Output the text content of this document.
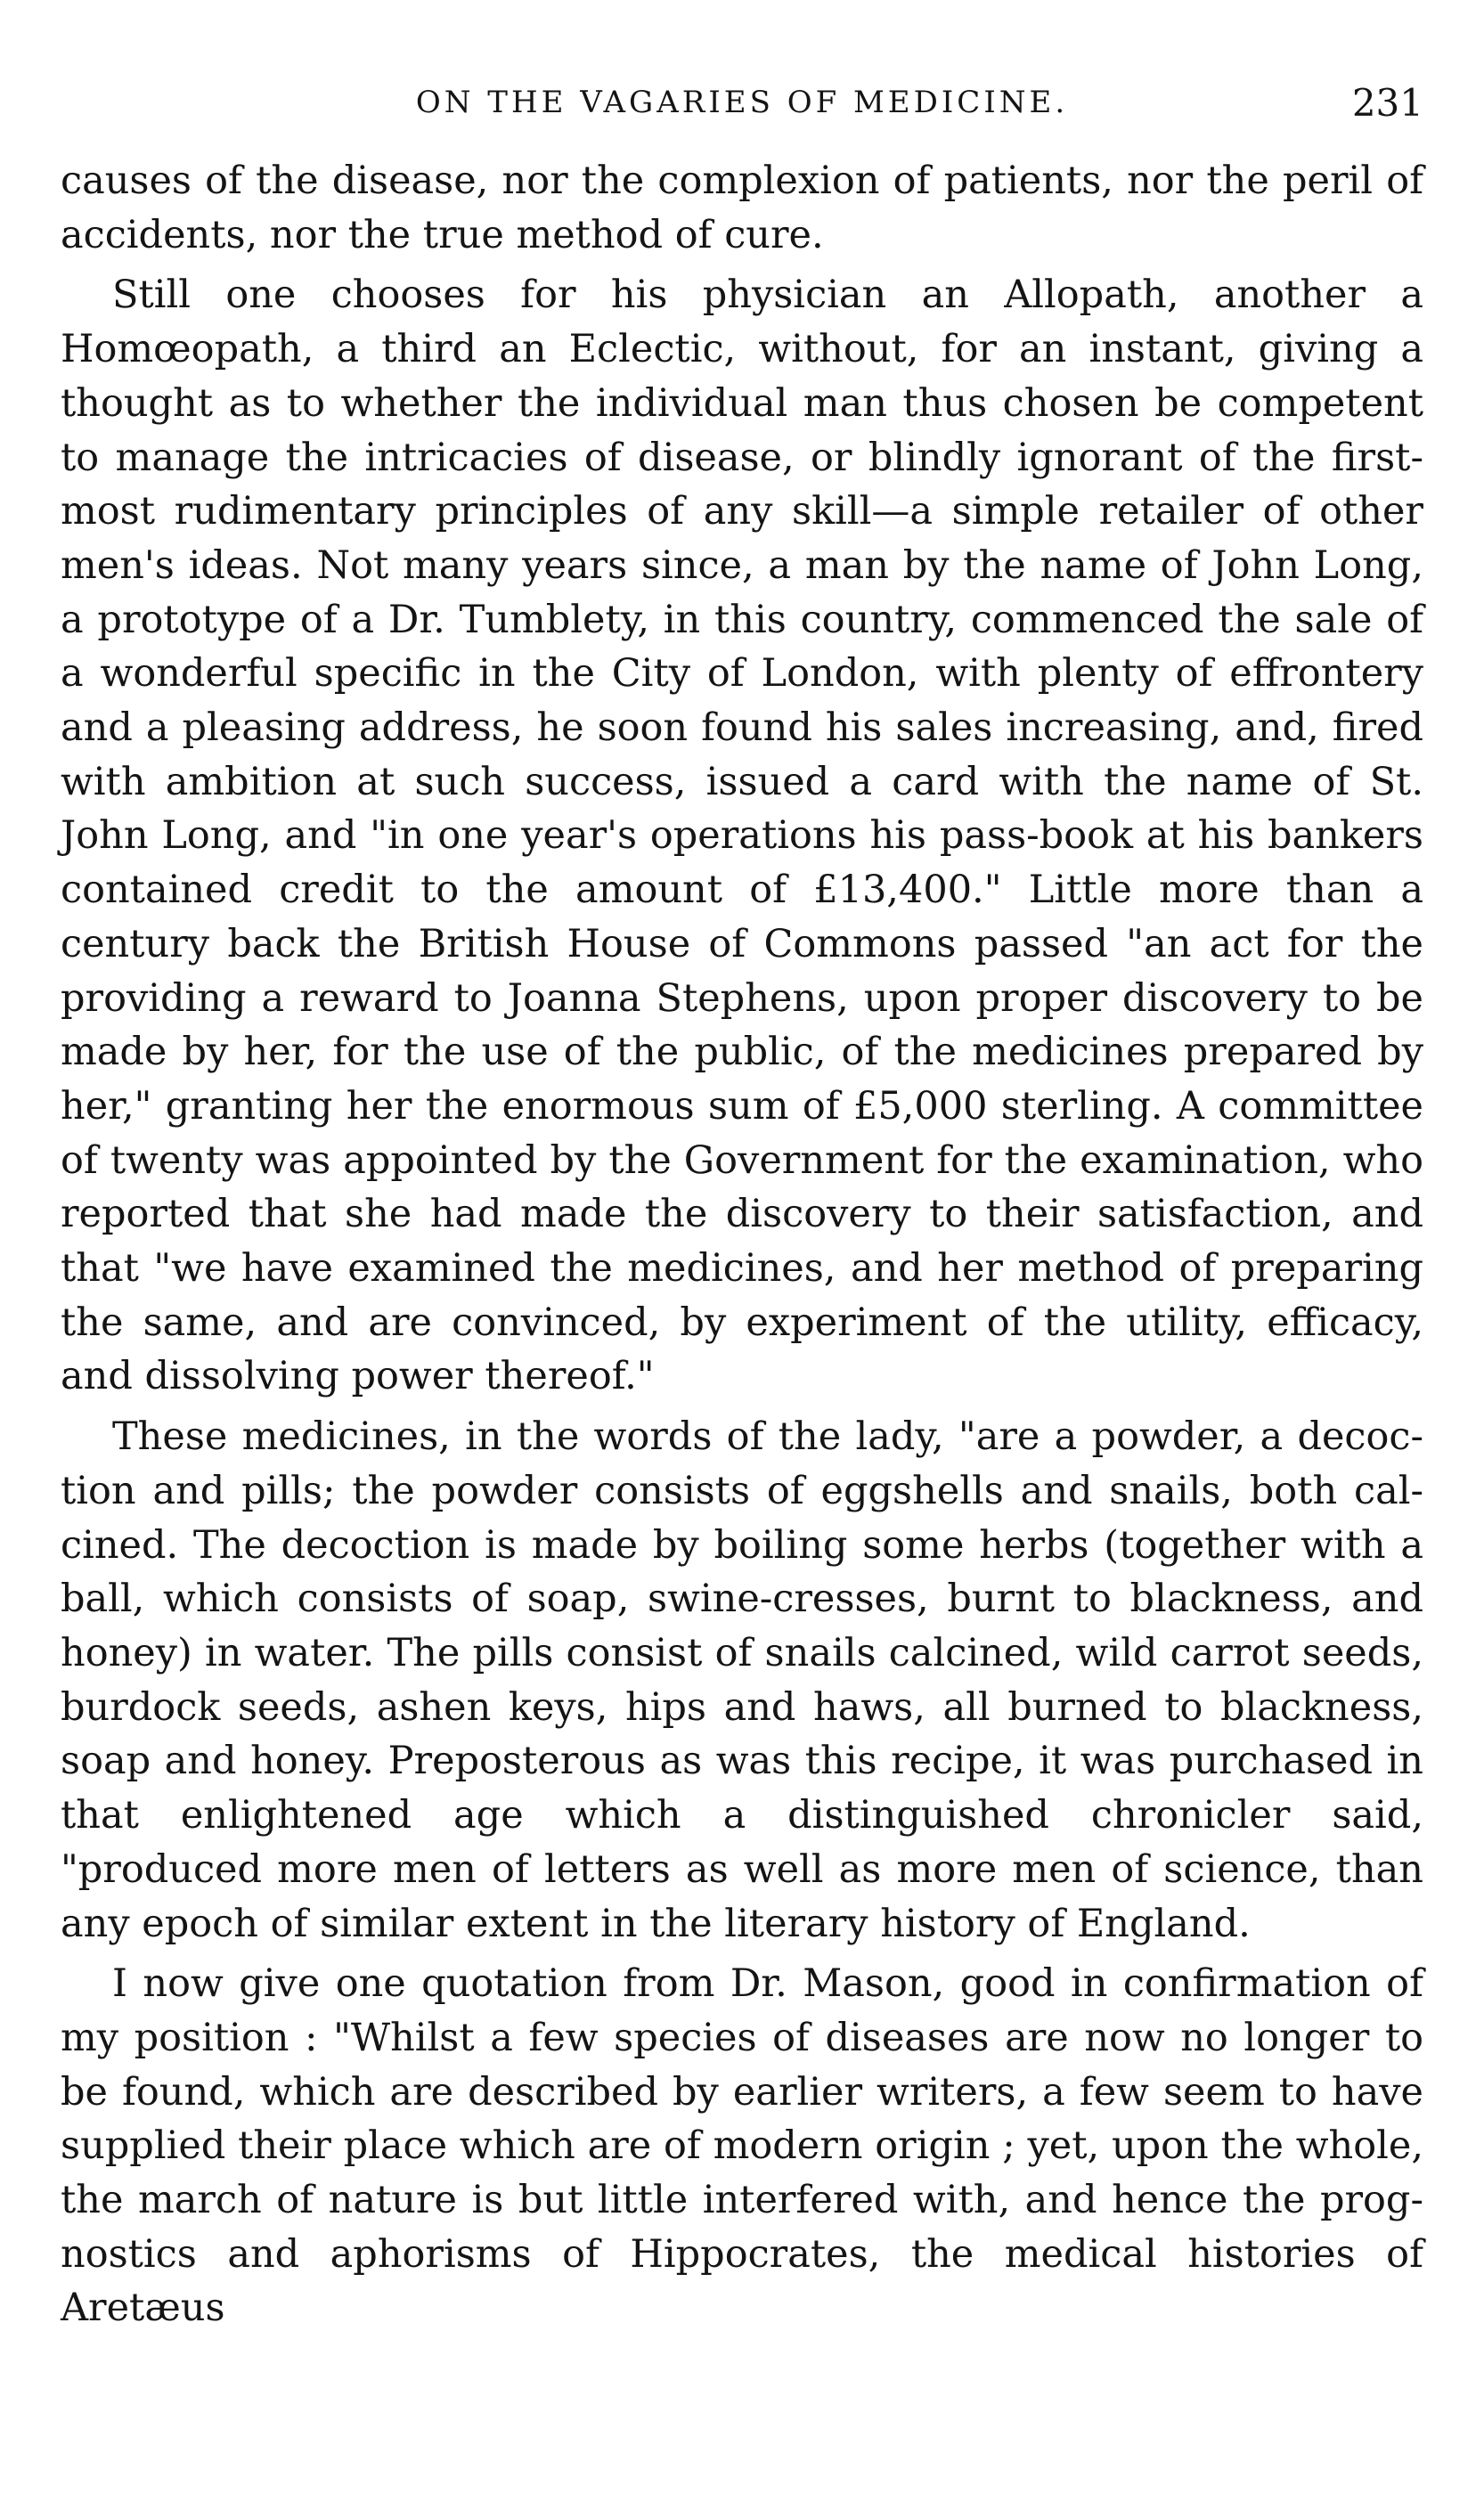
ON THE VAGARIES OF MEDICINE.	231

causes of the disease, nor the complexion of patients, nor the peril of accidents, nor the true method of cure.

Still one chooses for his physician an Allopath, another a Homœopath, a third an Eclectic, without, for an instant, giving a thought as to whether the individual man thus chosen be competent to manage the intricacies of disease, or blindly ignorant of the first-most rudimentary principles of any skill—a simple retailer of other men's ideas. Not many years since, a man by the name of John Long, a prototype of a Dr. Tumblety, in this country, commenced the sale of a wonderful specific in the City of London, with plenty of effrontery and a pleasing address, he soon found his sales increasing, and, fired with ambition at such success, issued a card with the name of St. John Long, and "in one year's operations his pass-book at his bankers contained credit to the amount of £13,400." Little more than a century back the British House of Commons passed "an act for the providing a reward to Joanna Stephens, upon proper discovery to be made by her, for the use of the public, of the medicines prepared by her," granting her the enormous sum of £5,000 sterling. A committee of twenty was appointed by the Government for the examination, who reported that she had made the discovery to their satisfaction, and that "we have examined the medicines, and her method of preparing the same, and are convinced, by experiment of the utility, efficacy, and dissolving power thereof."

These medicines, in the words of the lady, "are a powder, a decoction and pills; the powder consists of eggshells and snails, both calcined. The decoction is made by boiling some herbs (together with a ball, which consists of soap, swine-cresses, burnt to blackness, and honey) in water. The pills consist of snails calcined, wild carrot seeds, burdock seeds, ashen keys, hips and haws, all burned to blackness, soap and honey. Preposterous as was this recipe, it was purchased in that enlightened age which a distinguished chronicler said, "produced more men of letters as well as more men of science, than any epoch of similar extent in the literary history of England.

I now give one quotation from Dr. Mason, good in confirmation of my position : "Whilst a few species of diseases are now no longer to be found, which are described by earlier writers, a few seem to have supplied their place which are of modern origin ; yet, upon the whole, the march of nature is but little interfered with, and hence the prognostics and aphorisms of Hippocrates, the medical histories of Aretæus
